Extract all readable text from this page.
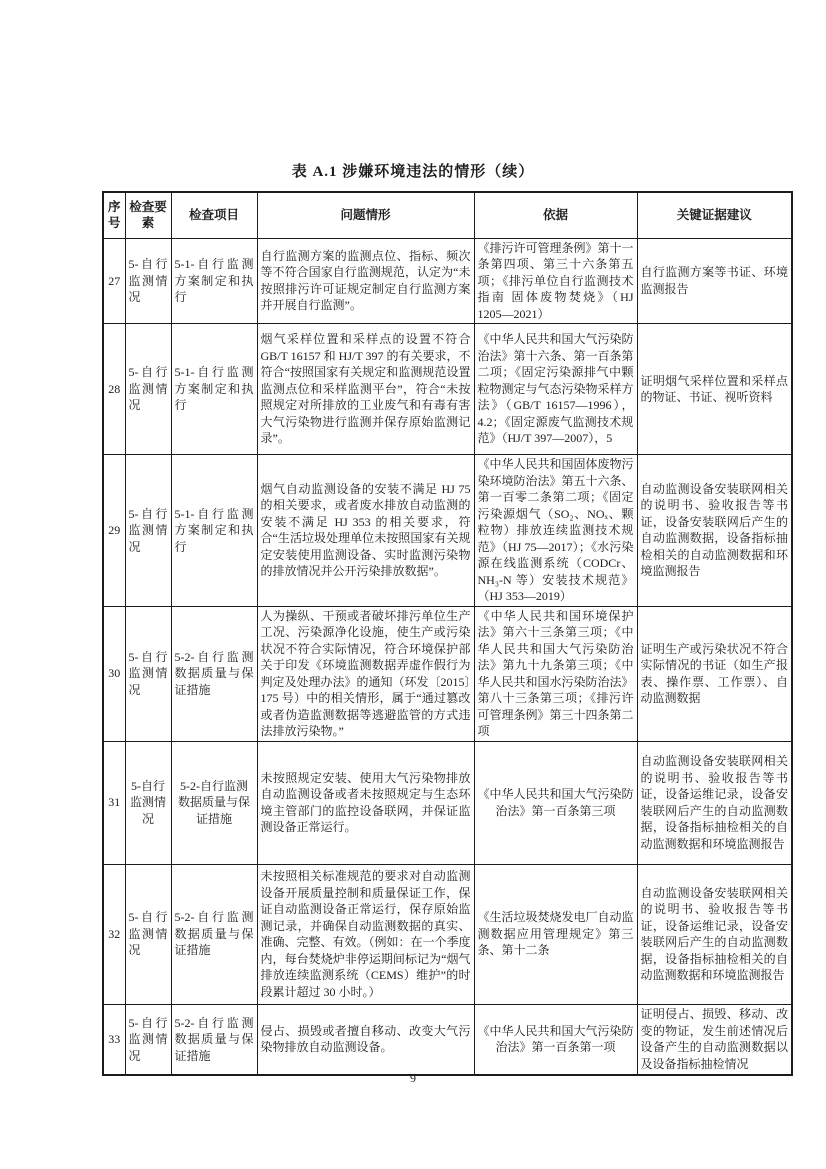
表 A.1 涉嫌环境违法的情形（续）
序号	检查要素	检查项目	问题情形	依据	关键证据建议
27	5-自行监测情况	5-1-自行监测方案制定和执行	自行监测方案的监测点位、指标、频次等不符合国家自行监测规范，认定为“未按照排污许可证规定制定自行监测方案并开展自行监测”。	《排污许可管理条例》第十一条第四项、第三十六条第五项；《排污单位自行监测技术指南 固体废物焚烧》（HJ 1205—2021）	自行监测方案等书证、环境监测报告
28	5-自行监测情况	5-1-自行监测方案制定和执行	烟气采样位置和采样点的设置不符合 GB/T 16157 和 HJ/T 397 的有关要求，不符合“按照国家有关规定和监测规范设置监测点位和采样监测平台”，符合“未按照规定对所排放的工业废气和有毒有害大气污染物进行监测并保存原始监测记录”。	《中华人民共和国大气污染防治法》第十六条、第一百条第二项；《固定污染源排气中颗粒物测定与气态污染物采样方法》（GB/T 16157—1996），4.2；《固定源废气监测技术规范》（HJ/T 397—2007），5	证明烟气采样位置和采样点的物证、书证、视听资料
29	5-自行监测情况	5-1-自行监测方案制定和执行	烟气自动监测设备的安装不满足 HJ 75 的相关要求，或者废水排放自动监测的安装不满足 HJ 353 的相关要求，符合“生活垃圾处理单位未按照国家有关规定安装使用监测设备、实时监测污染物的排放情况并公开污染排放数据”。	《中华人民共和国固体废物污染环境防治法》第五十六条、第一百零二条第二项；《固定污染源烟气（SO₂、NOₓ、颗粒物）排放连续监测技术规范》（HJ 75—2017）；《水污染源在线监测系统（CODCr、NH₃-N 等）安装技术规范》（HJ 353—2019）	自动监测设备安装联网相关的说明书、验收报告等书证，设备安装联网后产生的自动监测数据，设备指标抽检相关的自动监测数据和环境监测报告
30	5-自行监测情况	5-2-自行监测数据质量与保证措施	人为操纵、干预或者破坏排污单位生产工况、污染源净化设施，使生产或污染状况不符合实际情况，符合环境保护部关于印发《环境监测数据弄虚作假行为判定及处理办法》的通知（环发〔2015〕175 号）中的相关情形，属于“通过篡改或者伪造监测数据等逃避监管的方式违法排放污染物。”	《中华人民共和国环境保护法》第六十三条第三项；《中华人民共和国大气污染防治法》第九十九条第三项；《中华人民共和国水污染防治法》第八十三条第三项；《排污许可管理条例》第三十四条第二项	证明生产或污染状况不符合实际情况的书证（如生产报表、操作票、工作票）、自动监测数据
31	5-自行监测情况	5-2-自行监测数据质量与保证措施	未按照规定安装、使用大气污染物排放自动监测设备或者未按照规定与生态环境主管部门的监控设备联网，并保证监测设备正常运行。	《中华人民共和国大气污染防治法》第一百条第三项	自动监测设备安装联网相关的说明书、验收报告等书证，设备运维记录，设备安装联网后产生的自动监测数据，设备指标抽检相关的自动监测数据和环境监测报告
32	5-自行监测情况	5-2-自行监测数据质量与保证措施	未按照相关标准规范的要求对自动监测设备开展质量控制和质量保证工作，保证自动监测设备正常运行，保存原始监测记录，并确保自动监测数据的真实、准确、完整、有效。（例如：在一个季度内，每台焚烧炉非停运期间标记为“烟气排放连续监测系统（CEMS）维护”的时段累计超过 30 小时。）	《生活垃圾焚烧发电厂自动监测数据应用管理规定》第三条、第十二条	自动监测设备安装联网相关的说明书、验收报告等书证，设备运维记录，设备安装联网后产生的自动监测数据，设备指标抽检相关的自动监测数据和环境监测报告
33	5-自行监测情况	5-2-自行监测数据质量与保证措施	侵占、损毁或者擅自移动、改变大气污染物排放自动监测设备。	《中华人民共和国大气污染防治法》第一百条第一项	证明侵占、损毁、移动、改变的物证，发生前述情况后设备产生的自动监测数据以及设备指标抽检情况
9
